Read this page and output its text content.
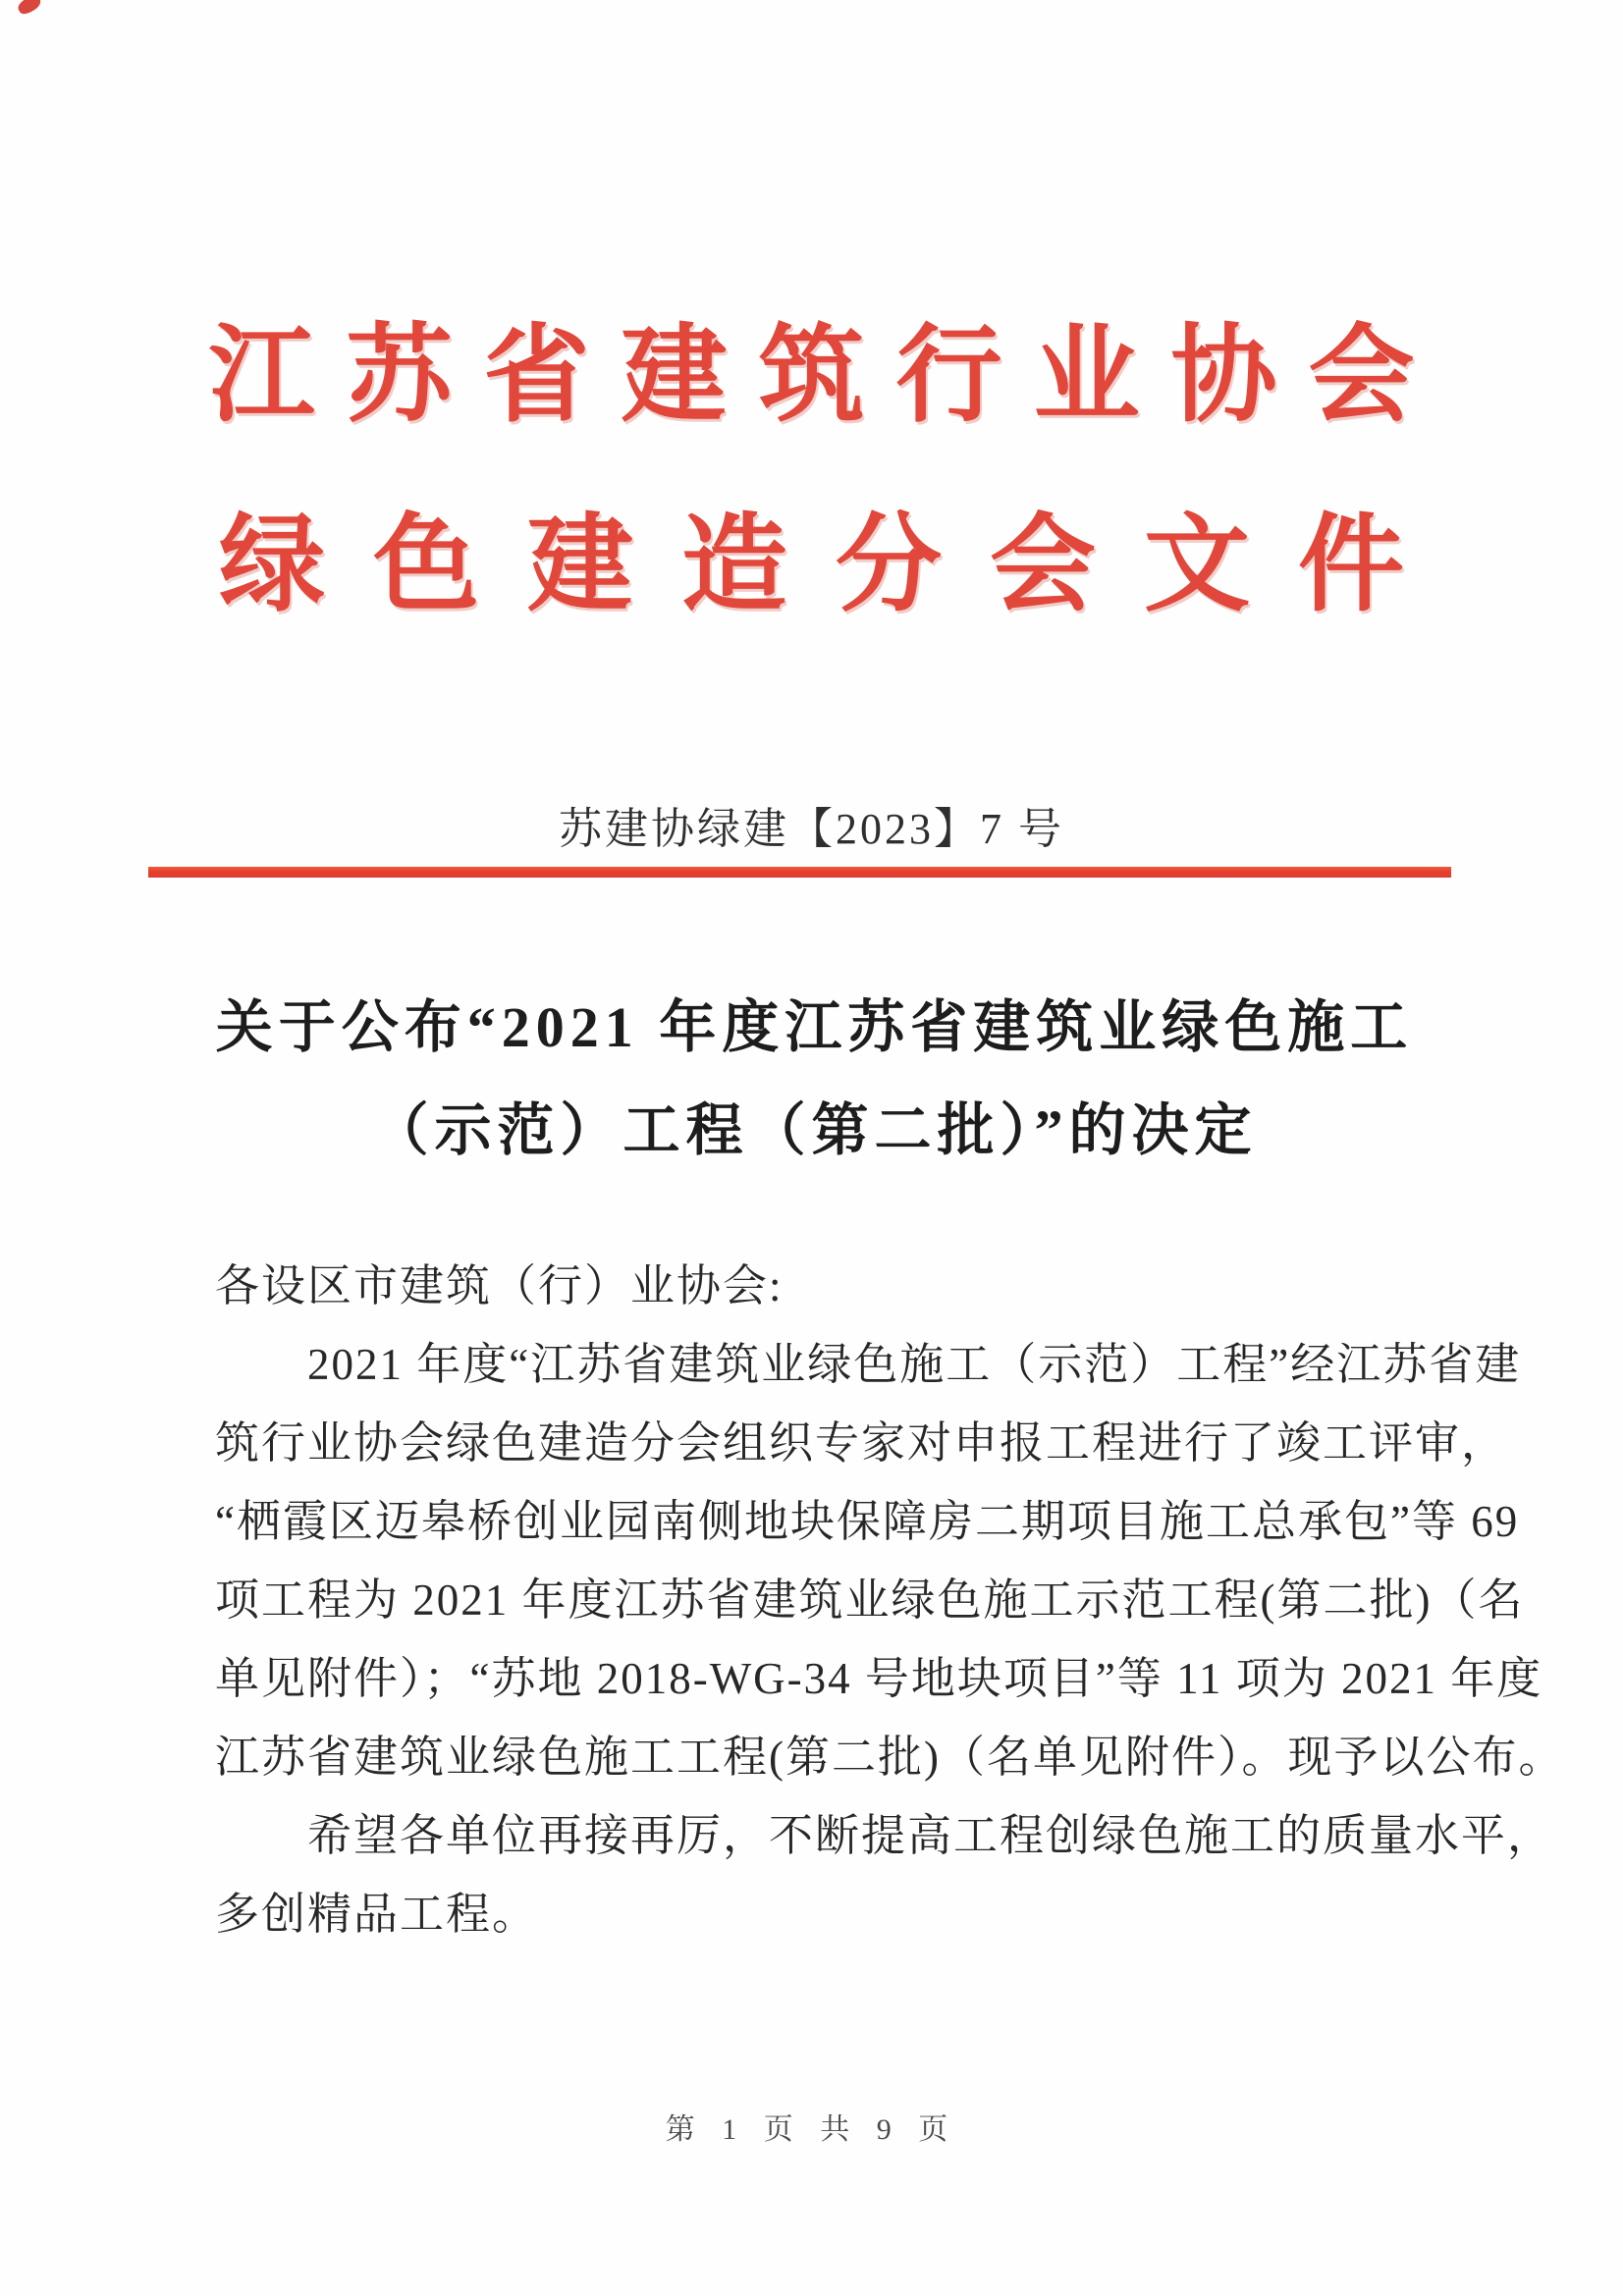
江苏省建筑行业协会
绿色建造分会文件
苏建协绿建【2023】7 号
关于公布“2021 年度江苏省建筑业绿色施工
（示范）工程（第二批）”的决定
各设区市建筑（行）业协会:
2021 年度“江苏省建筑业绿色施工（示范）工程”经江苏省建
筑行业协会绿色建造分会组织专家对申报工程进行了竣工评审，
“栖霞区迈皋桥创业园南侧地块保障房二期项目施工总承包”等 69
项工程为 2021 年度江苏省建筑业绿色施工示范工程(第二批)（名
单见附件）；“苏地 2018-WG-34 号地块项目”等 11 项为 2021 年度
江苏省建筑业绿色施工工程(第二批)（名单见附件）。现予以公布。
希望各单位再接再厉，不断提高工程创绿色施工的质量水平，
多创精品工程。
第 1 页 共 9 页
